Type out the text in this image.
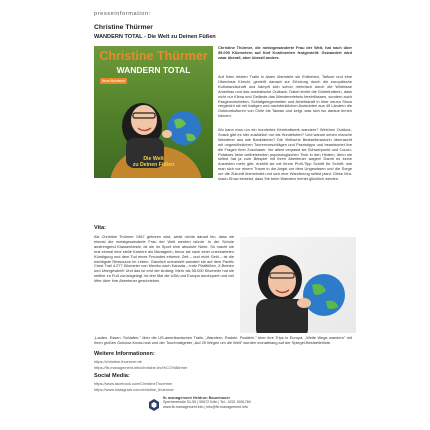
presseinformation:
Christine Thürmer
WANDERN TOTAL - Die Welt zu Deinen Füßen
Christine Thürmer
WANDERN TOTAL
Neue Abenteuer
Die Welt
zu Deinen Füßen
Christine Thürmer, die meistgewanderte Frau der Welt, hat nach über 55.000 Kilometern auf fünf Kontinenten festgestellt: Gewandert wird zwar überall, aber überall anders.
Auf ihren letzten Trails in Asien übersteht sie Erdbeben, Taifune und eine Überdosis Kimchi, genießt danach zur Erholung durch die europäische Kulturlandschaft und kämpft sich schon mehrfach durch die Wildnisse Amerikas und das australische Outback. Dabei lernte die Globetrotterin, dass nicht nur Klima und Gelände das Wandererlebnis beeinflussen, sondern auch Essgewohnheiten, Schlafgelegenheiten und Arbeitskraft in ihrer neuen Show vergleicht sie mit lustigen und nachdenklichen Anekdoten aus 45 Ländern die Outdoorkulturen von Chile bis Taiwan und zeigt, was sich wo daraus lernen können.
Wo kann man um ein hundertes Kerntraitwerk wandern? Welchen Outdoor-Snack gibt es hier zusätzlich nur als Hundefutter? Und warum sehen manche Wanderer aus wie Bankräuber? Die Vielfache Bestsellerautorin überrascht mit ungewöhnlichen Tourenvorschlägen und Praxistipps und beantwortet live die Fragen ihrer Zuschauer. Vor allem verpasst sie Schwerpunkt und Couch-Potatoes beim weltreisenden psychologischen Trick in den Hintern, denn sie selbst hat ja zum Beispiel mit ihren Abenteuer wagen! Damit es keine Ausreden mehr gibt, erzählt sie mit ihrem Profi-Tipp Schritt für Schritt, wie man sich vor einem Traum in die Angst vor dem Ungewissen und die Sorge um die Zukunft überwindet und sich eine Wanderung selbst plant. Diese Mut-mach-Show beweist, dass Sie beim Wandern immer glücklich werden.
Vita:
Als Christine Thürmer 1967 geboren wird, weist nichts darauf hin, dass sie einmal die meistgewanderte Frau der Welt werden würde. In der Schule anstrengend Klassenbeste, ist sie im Sport eine absolute Niete. So macht sie erst einmal eine steile Karriere als Managerin, bevor sie nach einer unerwarteten Kündigung und dem Tod eines Freundes erkennt: Zeit – und nicht Geld – ist die wichtigste Ressource im Leben. Ganzlich untrainiert wandert sie auf dem Pacific Crest Trail 4.277 Kilometer von Mexiko nach Kanada – trotz Plattfüßen, X-Beinen und Übergewicht! Und das ist erst der Anfang: Mehr als 55.000 Kilometer hat sie seither zu Fuß zurückgelegt, ist drei Mal die USA und Europa durchquert und viel öfter über ihre Abenteuer geschrieben.
„Laufen. Essen. Schlafen." über die US-amerikanischen Trails, „Wandern. Radeln. Paddeln." über ihre Trips in Europa, „Weite Wege wandern" mit ihren großen Outdoor-Know-how und der Tourenratgeber „Auf 25 Wegen um die Welt" wurden monatelang auf der Spiegel-Bestsellerliste.
Weitere Informationen:
https://christine.thuermer.de
https://fb-management.info/christine-thu%CC%88rmer
Social Media:
https://www.facebook.com/ChristineThuermer
https://www.instagram.com/christine_thuermer
fb management Heidrun Baumhauer
Sperberstraße 51-55 | 50672 Köln | Tel.: 0221 9091760
www.fb-management.info | info@fb-management.info
